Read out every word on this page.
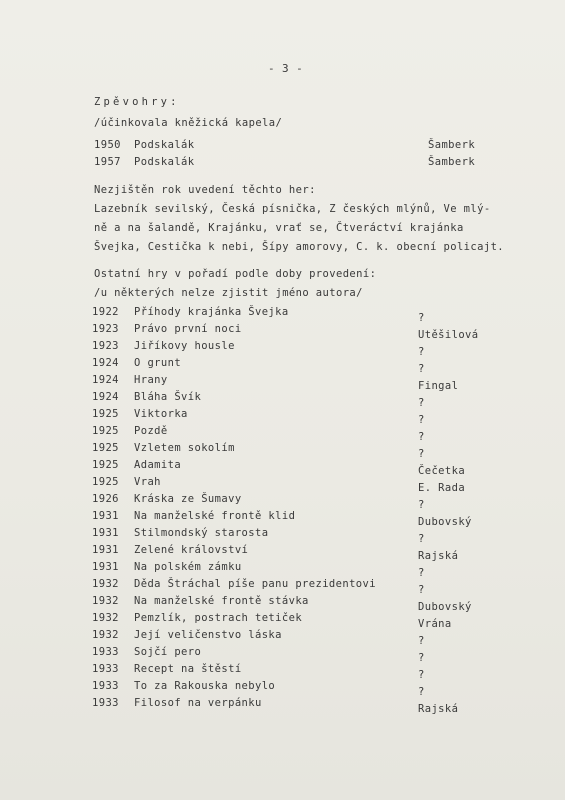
- 3 -
Zpěvohry:
/účinkovala kněžická kapela/
1950 Podskalák	Šamberk
1957 Podskalák	Šamberk

Nezjištěn rok uvedení těchto her:

Lazebník sevilský, Česká písnička, Z českých mlýnů, Ve mlý-

ně a na šalandě, Krajánku, vrať se, Čtveráctví krajánka

Švejka, Cestička k nebi, Šípy amorovy, C. k. obecní policajt.

Ostatní hry v pořadí podle doby provedení:

/u některých nelze zjistit jméno autora/

1922 Příhody krajánka Švejka	?
1923 Právo první noci	Utěšilová
1923 Jiříkovy housle	?
1924 O grunt	?
1924 Hrany	Fingal
1924 Bláha Švík	?
1925 Viktorka	?
1925 Pozdě	?
1925 Vzletem sokolím	?
1925 Adamita	Čečetka
1925 Vrah	E. Rada
1926 Kráska ze Šumavy	?
1931 Na manželské frontě klid	Dubovský
1931 Stilmondský starosta	?
1931 Zelené království	Rajská
1931 Na polském zámku	?
1932 Děda Štráchal píše panu prezidentovi	?
1932 Na manželské frontě stávka	Dubovský
1932 Pemzlík, postrach tetiček	Vrána
1932 Její veličenstvo láska	?
1933 Sojčí pero	?
1933 Recept na štěstí	?
1933 To za Rakouska nebylo	?
1933 Filosof na verpánku	Rajská
